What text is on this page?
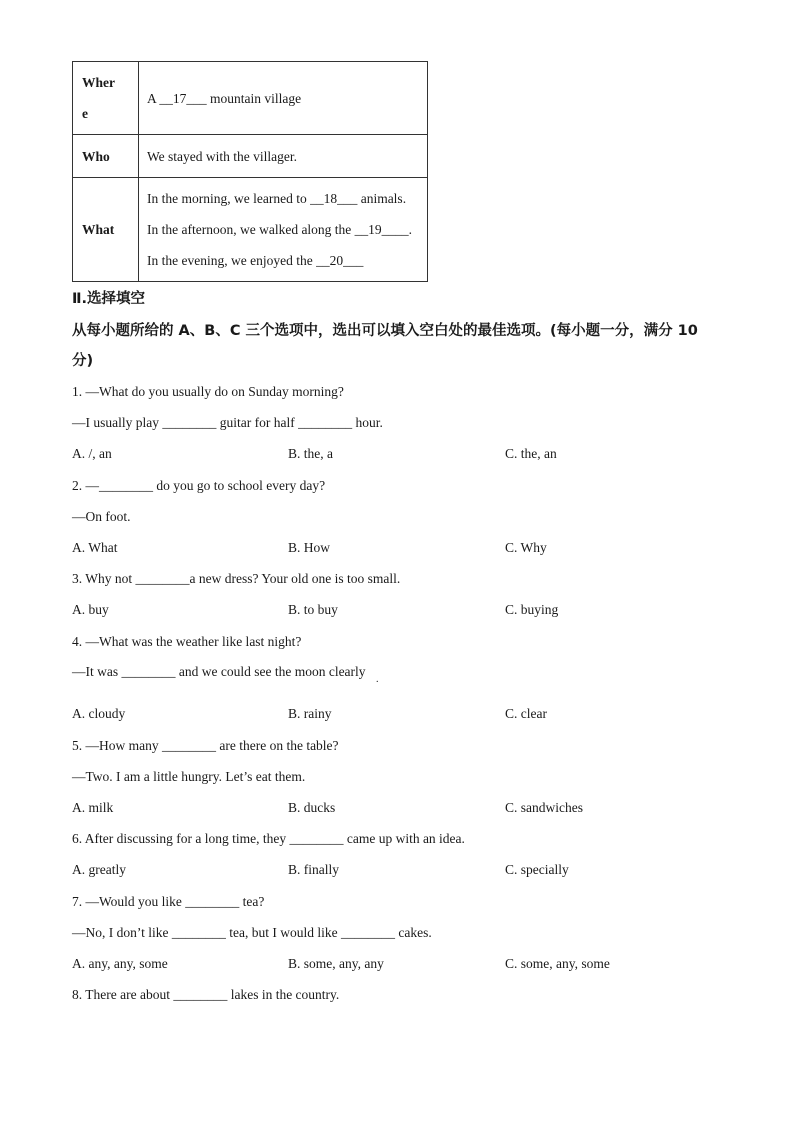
Wher
e	A __17___ mountain village

Who	We stayed with the villager.

What	In the morning, we learned to __18___ animals.
In the afternoon, we walked along the __19____.
In the evening, we enjoyed the __20___
Ⅱ.选择填空
从每小题所给的 A、B、C 三个选项中，选出可以填入空白处的最佳选项。(每小题一分，满分 10 分)
1. —What do you usually do on Sunday morning?
—I usually play ________ guitar for half ________ hour.
A. /, an	B. the, a	C. the, an
2. —________ do you go to school every day?
—On foot.
A. What	B. How	C. Why
3. Why not ________a new dress? Your old one is too small.
A. buy	B. to buy	C. buying
4. —What was the weather like last night?
—It was ________ and we could see the moon clearly
.
A. cloudy	B. rainy	C. clear
5. —How many ________ are there on the table?
—Two. I am a little hungry. Let’s eat them.
A. milk	B. ducks	C. sandwiches
6. After discussing for a long time, they ________ came up with an idea.
A. greatly	B. finally	C. specially
7. —Would you like ________ tea?
—No, I don’t like ________ tea, but I would like ________ cakes.
A. any, any, some	B. some, any, any	C. some, any, some
8. There are about ________ lakes in the country.
